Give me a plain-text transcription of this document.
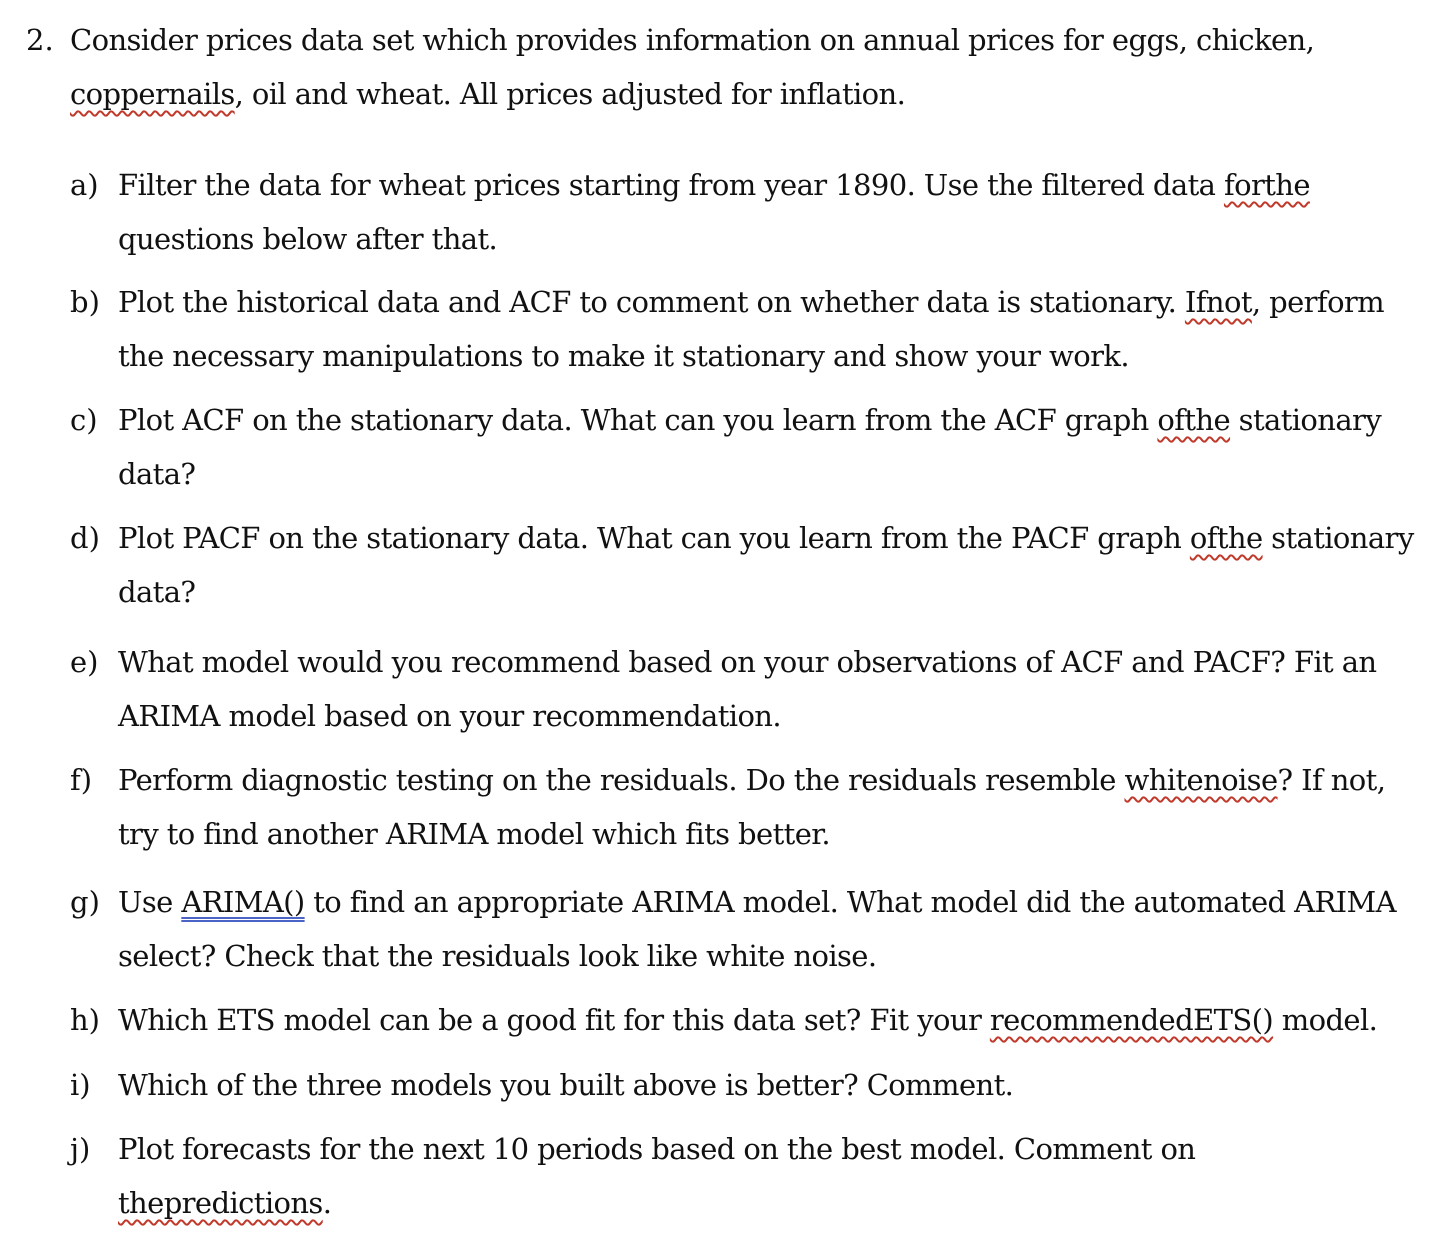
2. Consider prices data set which provides information on annual prices for eggs, chicken,
coppernails, oil and wheat. All prices adjusted for inflation.
a) Filter the data for wheat prices starting from year 1890. Use the filtered data forthe
questions below after that.
b) Plot the historical data and ACF to comment on whether data is stationary. Ifnot, perform
the necessary manipulations to make it stationary and show your work.
c) Plot ACF on the stationary data. What can you learn from the ACF graph ofthe stationary
data?
d) Plot PACF on the stationary data. What can you learn from the PACF graph ofthe stationary
data?
e) What model would you recommend based on your observations of ACF and PACF? Fit an
ARIMA model based on your recommendation.
f) Perform diagnostic testing on the residuals. Do the residuals resemble whitenoise? If not,
try to find another ARIMA model which fits better.
g) Use ARIMA() to find an appropriate ARIMA model. What model did the automated ARIMA
select? Check that the residuals look like white noise.
h) Which ETS model can be a good fit for this data set? Fit your recommendedETS() model.
i) Which of the three models you built above is better? Comment.
j) Plot forecasts for the next 10 periods based on the best model. Comment on
thepredictions.
